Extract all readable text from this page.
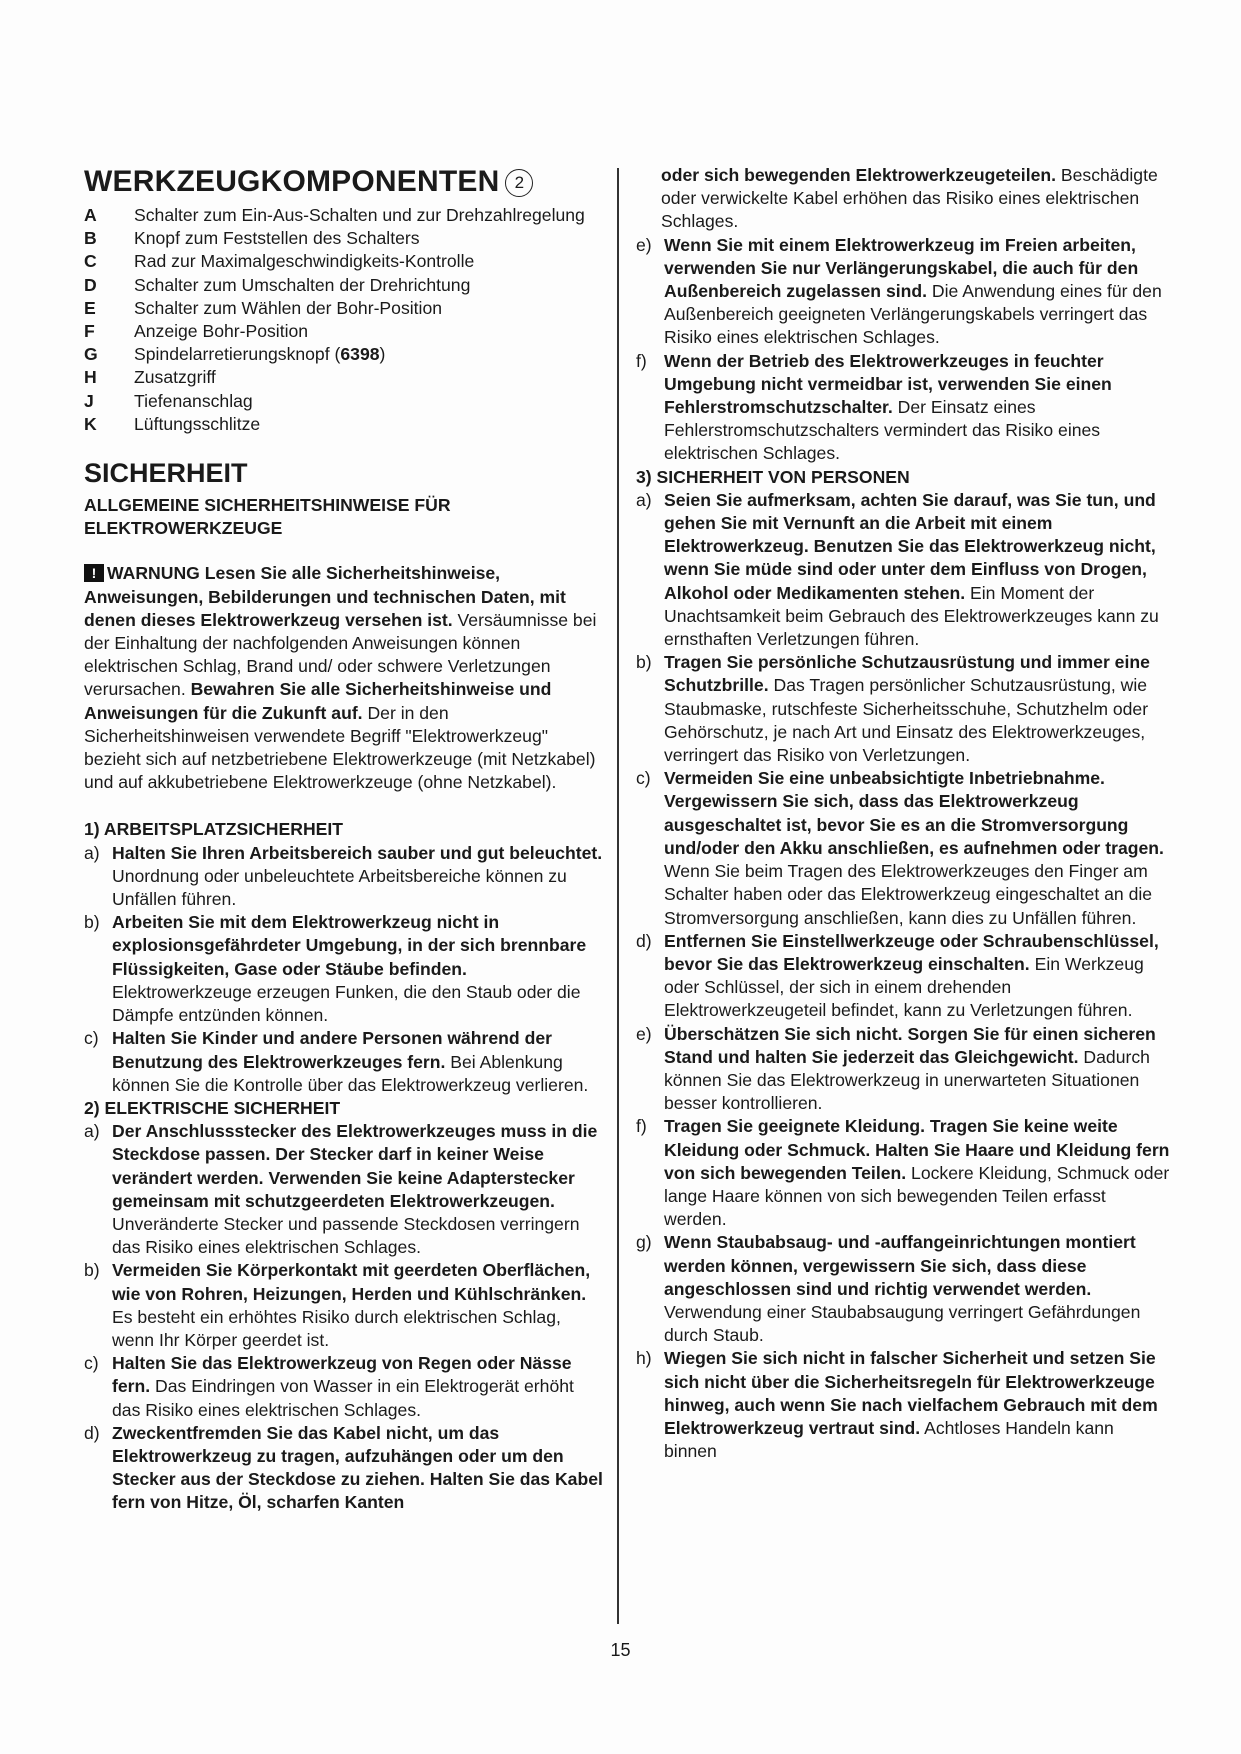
WERKZEUGKOMPONENTEN 2
A	Schalter zum Ein-Aus-Schalten und zur Drehzahlregelung
B	Knopf zum Feststellen des Schalters
C	Rad zur Maximalgeschwindigkeits-Kontrolle
D	Schalter zum Umschalten der Drehrichtung
E	Schalter zum Wählen der Bohr-Position
F	Anzeige Bohr-Position
G	Spindelarretierungsknopf (6398)
H	Zusatzgriff
J	Tiefenanschlag
K	Lüftungsschlitze
SICHERHEIT

ALLGEMEINE SICHERHEITSHINWEISE FÜR ELEKTROWERKZEUGE

!WARNUNG Lesen Sie alle Sicherheitshinweise, Anweisungen, Bebilderungen und technischen Daten, mit denen dieses Elektrowerkzeug versehen ist. Versäumnisse bei der Einhaltung der nachfolgenden Anweisungen können elektrischen Schlag, Brand und/ oder schwere Verletzungen verursachen. Bewahren Sie alle Sicherheitshinweise und Anweisungen für die Zukunft auf. Der in den Sicherheitshinweisen verwendete Begriff "Elektrowerkzeug" bezieht sich auf netzbetriebene Elektrowerkzeuge (mit Netzkabel) und auf akkubetriebene Elektrowerkzeuge (ohne Netzkabel).

1) ARBEITSPLATZSICHERHEIT

a) Halten Sie Ihren Arbeitsbereich sauber und gut beleuchtet. Unordnung oder unbeleuchtete Arbeitsbereiche können zu Unfällen führen.
b) Arbeiten Sie mit dem Elektrowerkzeug nicht in explosionsgefährdeter Umgebung, in der sich brennbare Flüssigkeiten, Gase oder Stäube befinden. Elektrowerkzeuge erzeugen Funken, die den Staub oder die Dämpfe entzünden können.
c) Halten Sie Kinder und andere Personen während der Benutzung des Elektrowerkzeuges fern. Bei Ablenkung können Sie die Kontrolle über das Elektrowerkzeug verlieren.

2) ELEKTRISCHE SICHERHEIT

a) Der Anschlussstecker des Elektrowerkzeuges muss in die Steckdose passen. Der Stecker darf in keiner Weise verändert werden. Verwenden Sie keine Adapterstecker gemeinsam mit schutzgeerdeten Elektrowerkzeugen. Unveränderte Stecker und passende Steckdosen verringern das Risiko eines elektrischen Schlages.
b) Vermeiden Sie Körperkontakt mit geerdeten Oberflächen, wie von Rohren, Heizungen, Herden und Kühlschränken. Es besteht ein erhöhtes Risiko durch elektrischen Schlag, wenn Ihr Körper geerdet ist.
c) Halten Sie das Elektrowerkzeug von Regen oder Nässe fern. Das Eindringen von Wasser in ein Elektrogerät erhöht das Risiko eines elektrischen Schlages.
d) Zweckentfremden Sie das Kabel nicht, um das Elektrowerkzeug zu tragen, aufzuhängen oder um den Stecker aus der Steckdose zu ziehen. Halten Sie das Kabel fern von Hitze, Öl, scharfen Kanten
oder sich bewegenden Elektrowerkzeugeteilen. Beschädigte oder verwickelte Kabel erhöhen das Risiko eines elektrischen Schlages.
e) Wenn Sie mit einem Elektrowerkzeug im Freien arbeiten, verwenden Sie nur Verlängerungskabel, die auch für den Außenbereich zugelassen sind. Die Anwendung eines für den Außenbereich geeigneten Verlängerungskabels verringert das Risiko eines elektrischen Schlages.
f) Wenn der Betrieb des Elektrowerkzeuges in feuchter Umgebung nicht vermeidbar ist, verwenden Sie einen Fehlerstromschutzschalter. Der Einsatz eines Fehlerstromschutzschalters vermindert das Risiko eines elektrischen Schlages.

3) SICHERHEIT VON PERSONEN

a) Seien Sie aufmerksam, achten Sie darauf, was Sie tun, und gehen Sie mit Vernunft an die Arbeit mit einem Elektrowerkzeug. Benutzen Sie das Elektrowerkzeug nicht, wenn Sie müde sind oder unter dem Einfluss von Drogen, Alkohol oder Medikamenten stehen. Ein Moment der Unachtsamkeit beim Gebrauch des Elektrowerkzeuges kann zu ernsthaften Verletzungen führen.
b) Tragen Sie persönliche Schutzausrüstung und immer eine Schutzbrille. Das Tragen persönlicher Schutzausrüstung, wie Staubmaske, rutschfeste Sicherheitsschuhe, Schutzhelm oder Gehörschutz, je nach Art und Einsatz des Elektrowerkzeuges, verringert das Risiko von Verletzungen.
c) Vermeiden Sie eine unbeabsichtigte Inbetriebnahme. Vergewissern Sie sich, dass das Elektrowerkzeug ausgeschaltet ist, bevor Sie es an die Stromversorgung und/oder den Akku anschließen, es aufnehmen oder tragen. Wenn Sie beim Tragen des Elektrowerkzeuges den Finger am Schalter haben oder das Elektrowerkzeug eingeschaltet an die Stromversorgung anschließen, kann dies zu Unfällen führen.
d) Entfernen Sie Einstellwerkzeuge oder Schraubenschlüssel, bevor Sie das Elektrowerkzeug einschalten. Ein Werkzeug oder Schlüssel, der sich in einem drehenden Elektrowerkzeugeteil befindet, kann zu Verletzungen führen.
e) Überschätzen Sie sich nicht. Sorgen Sie für einen sicheren Stand und halten Sie jederzeit das Gleichgewicht. Dadurch können Sie das Elektrowerkzeug in unerwarteten Situationen besser kontrollieren.
f) Tragen Sie geeignete Kleidung. Tragen Sie keine weite Kleidung oder Schmuck. Halten Sie Haare und Kleidung fern von sich bewegenden Teilen. Lockere Kleidung, Schmuck oder lange Haare können von sich bewegenden Teilen erfasst werden.
g) Wenn Staubabsaug- und -auffangeinrichtungen montiert werden können, vergewissern Sie sich, dass diese angeschlossen sind und richtig verwendet werden. Verwendung einer Staubabsaugung verringert Gefährdungen durch Staub.
h) Wiegen Sie sich nicht in falscher Sicherheit und setzen Sie sich nicht über die Sicherheitsregeln für Elektrowerkzeuge hinweg, auch wenn Sie nach vielfachem Gebrauch mit dem Elektrowerkzeug vertraut sind. Achtloses Handeln kann binnen
15
